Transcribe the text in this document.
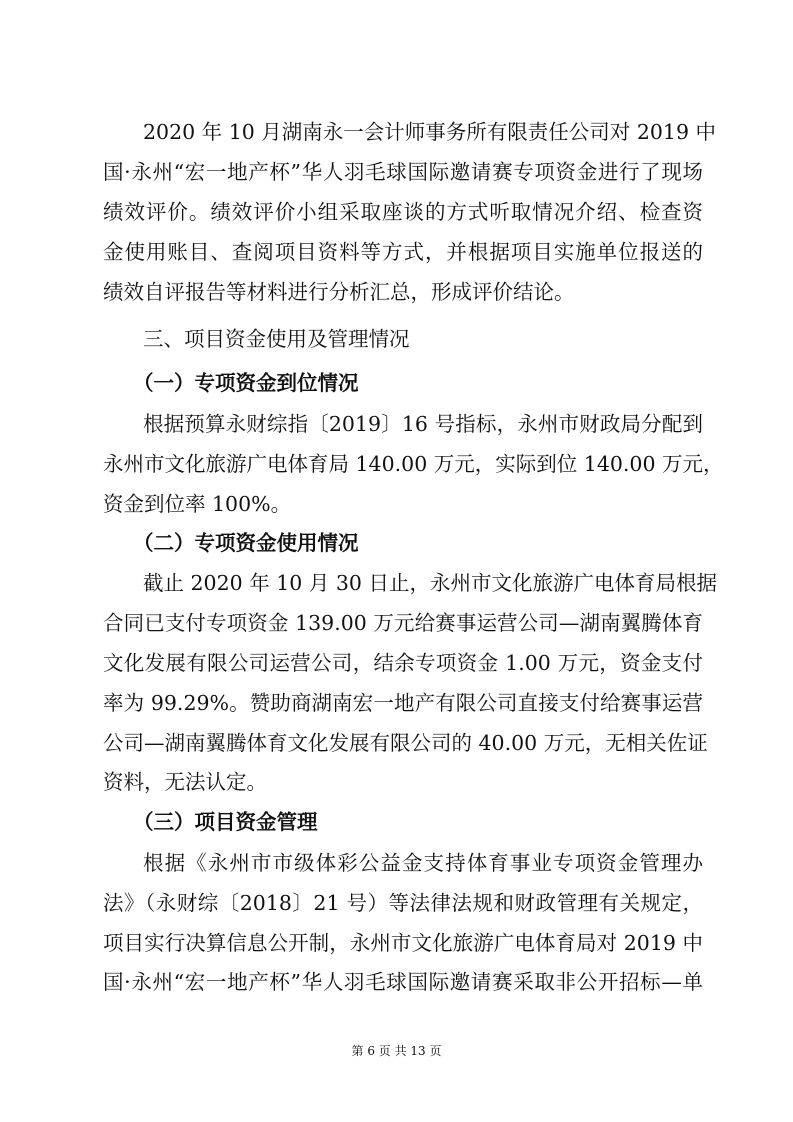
2020 年 10 月湖南永一会计师事务所有限责任公司对 2019 中
国·永州“宏一地产杯”华人羽毛球国际邀请赛专项资金进行了现场
绩效评价。绩效评价小组采取座谈的方式听取情况介绍、检查资
金使用账目、查阅项目资料等方式，并根据项目实施单位报送的
绩效自评报告等材料进行分析汇总，形成评价结论。
三、项目资金使用及管理情况
（一）专项资金到位情况
根据预算永财综指〔2019〕16 号指标，永州市财政局分配到
永州市文化旅游广电体育局 140.00 万元，实际到位 140.00 万元，
资金到位率 100%。
（二）专项资金使用情况
截止 2020 年 10 月 30 日止，永州市文化旅游广电体育局根据
合同已支付专项资金 139.00 万元给赛事运营公司—湖南翼腾体育
文化发展有限公司运营公司，结余专项资金 1.00 万元，资金支付
率为 99.29%。赞助商湖南宏一地产有限公司直接支付给赛事运营
公司—湖南翼腾体育文化发展有限公司的 40.00 万元，无相关佐证
资料，无法认定。
（三）项目资金管理
根据《永州市市级体彩公益金支持体育事业专项资金管理办
法》（永财综〔2018〕21 号）等法律法规和财政管理有关规定，
项目实行决算信息公开制，永州市文化旅游广电体育局对 2019 中
国·永州“宏一地产杯”华人羽毛球国际邀请赛采取非公开招标—单
第 6 页 共 13 页
